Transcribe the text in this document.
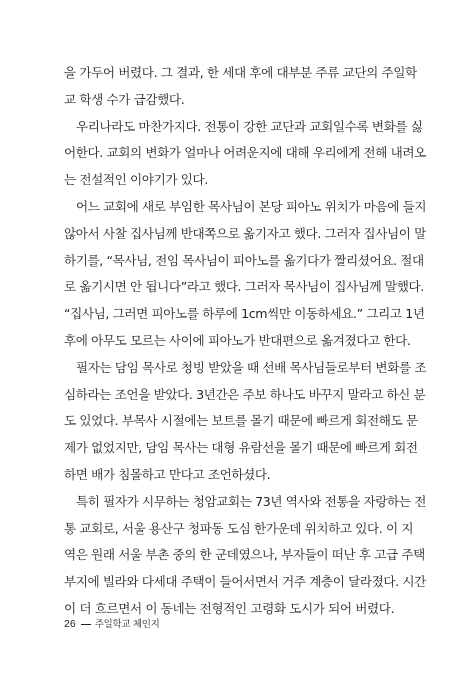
을 가두어 버렸다. 그 결과, 한 세대 후에 대부분 주류 교단의 주일학
교 학생 수가 급감했다.
우리나라도 마찬가지다. 전통이 강한 교단과 교회일수록 변화를 싫
어한다. 교회의 변화가 얼마나 어려운지에 대해 우리에게 전해 내려오
는 전설적인 이야기가 있다.
어느 교회에 새로 부임한 목사님이 본당 피아노 위치가 마음에 들지
않아서 사찰 집사님께 반대쪽으로 옮기자고 했다. 그러자 집사님이 말
하기를, “목사님, 전임 목사님이 피아노를 옮기다가 짤리셨어요. 절대
로 옮기시면 안 됩니다”라고 했다. 그러자 목사님이 집사님께 말했다.
“집사님, 그러면 피아노를 하루에 1cm씩만 이동하세요.” 그리고 1년
후에 아무도 모르는 사이에 피아노가 반대편으로 옮겨졌다고 한다.
필자는 담임 목사로 청빙 받았을 때 선배 목사님들로부터 변화를 조
심하라는 조언을 받았다. 3년간은 주보 하나도 바꾸지 말라고 하신 분
도 있었다. 부목사 시절에는 보트를 몰기 때문에 빠르게 회전해도 문
제가 없었지만, 담임 목사는 대형 유람선을 몰기 때문에 빠르게 회전
하면 배가 침몰하고 만다고 조언하셨다.
특히 필자가 시무하는 청암교회는 73년 역사와 전통을 자랑하는 전
통 교회로, 서울 용산구 청파동 도심 한가운데 위치하고 있다. 이 지
역은 원래 서울 부촌 중의 한 군데였으나, 부자들이 떠난 후 고급 주택
부지에 빌라와 다세대 주택이 들어서면서 거주 계층이 달라졌다. 시간
이 더 흐르면서 이 동네는 전형적인 고령화 도시가 되어 버렸다.
26 주일학교 체인지
